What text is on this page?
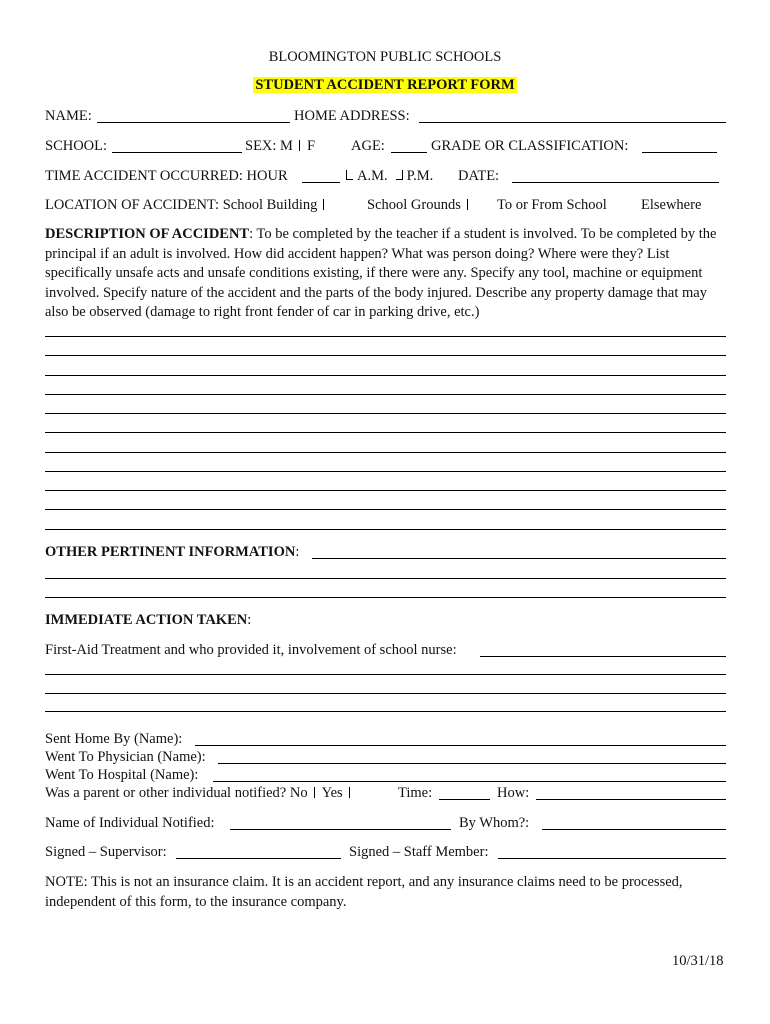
BLOOMINGTON PUBLIC SCHOOLS
STUDENT ACCIDENT REPORT FORM
NAME:	HOME ADDRESS:
SCHOOL:	SEX: M F AGE:	GRADE OR CLASSIFICATION:
TIME ACCIDENT OCCURRED: HOUR	A.M. P.M. DATE:
LOCATION OF ACCIDENT: School Building	School Grounds	To or From School Elsewhere
DESCRIPTION OF ACCIDENT: To be completed by the teacher if a student is involved. To be completed by the principal if an adult is involved. How did accident happen? What was person doing? Where were they? List specifically unsafe acts and unsafe conditions existing, if there were any. Specify any tool, machine or equipment involved. Specify nature of the accident and the parts of the body injured. Describe any property damage that may also be observed (damage to right front fender of car in parking drive, etc.)
OTHER PERTINENT INFORMATION:
IMMEDIATE ACTION TAKEN:
First-Aid Treatment and who provided it, involvement of school nurse:
Sent Home By (Name):
Went To Physician (Name):
Went To Hospital (Name):
Was a parent or other individual notified? No Yes	Time:	How:
Name of Individual Notified:	By Whom?:
Signed – Supervisor:	Signed – Staff Member:
NOTE: This is not an insurance claim. It is an accident report, and any insurance claims need to be processed, independent of this form, to the insurance company.
10/31/18
